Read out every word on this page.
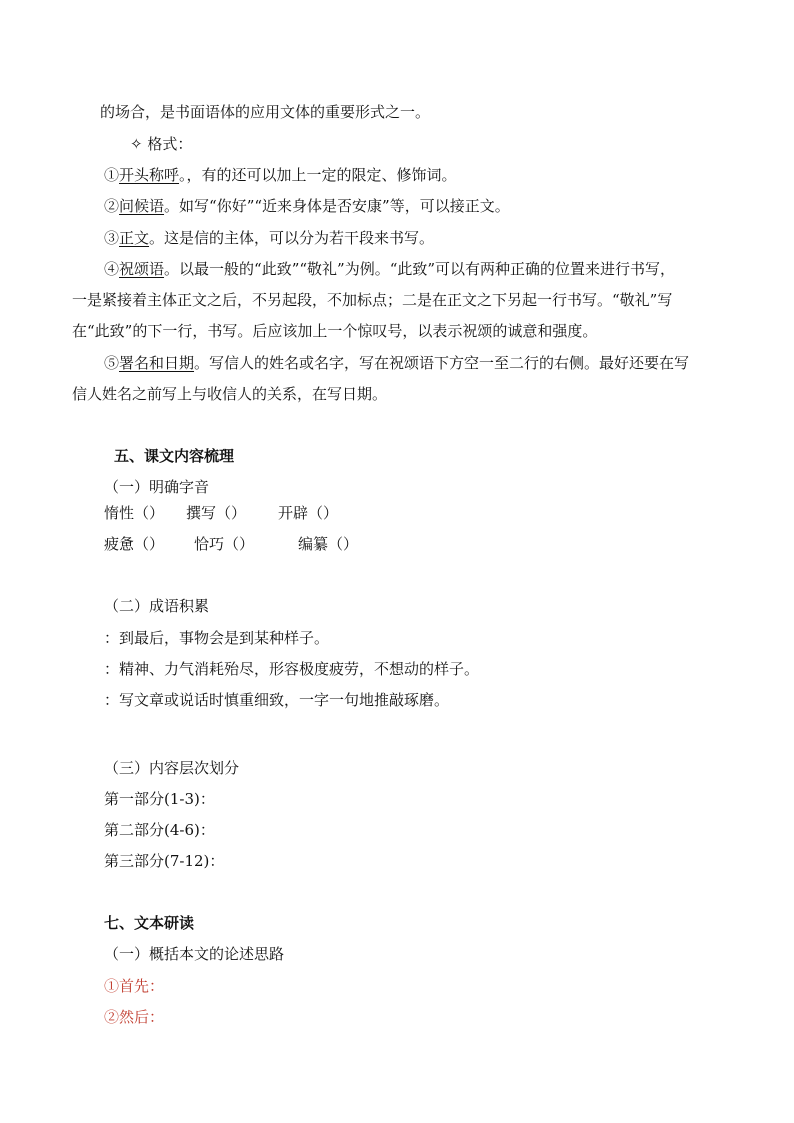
的场合，是书面语体的应用文体的重要形式之一。
✧ 格式：
①开头称呼。，有的还可以加上一定的限定、修饰词。
②问候语。如写“你好”“近来身体是否安康”等，可以接正文。
③正文。这是信的主体，可以分为若干段来书写。
④祝颂语。以最一般的“此致”“敬礼”为例。“此致”可以有两种正确的位置来进行书写，
一是紧接着主体正文之后，不另起段，不加标点；二是在正文之下另起一行书写。“敬礼”写
在“此致”的下一行，书写。后应该加上一个惊叹号，以表示祝颂的诚意和强度。
⑤署名和日期。写信人的姓名或名字，写在祝颂语下方空一至二行的右侧。最好还要在写
信人姓名之前写上与收信人的关系，在写日期。
五、课文内容梳理
（一）明确字音
惰性（） 撰写（） 开辟（）
疲惫（） 恰巧（）	编纂（）
（二）成语积累
：到最后，事物会是到某种样子。
：精神、力气消耗殆尽，形容极度疲劳，不想动的样子。
：写文章或说话时慎重细致，一字一句地推敲琢磨。
（三）内容层次划分
第一部分(1-3)：
第二部分(4-6)：
第三部分(7-12)：
七、文本研读
（一）概括本文的论述思路
①首先：
②然后：
